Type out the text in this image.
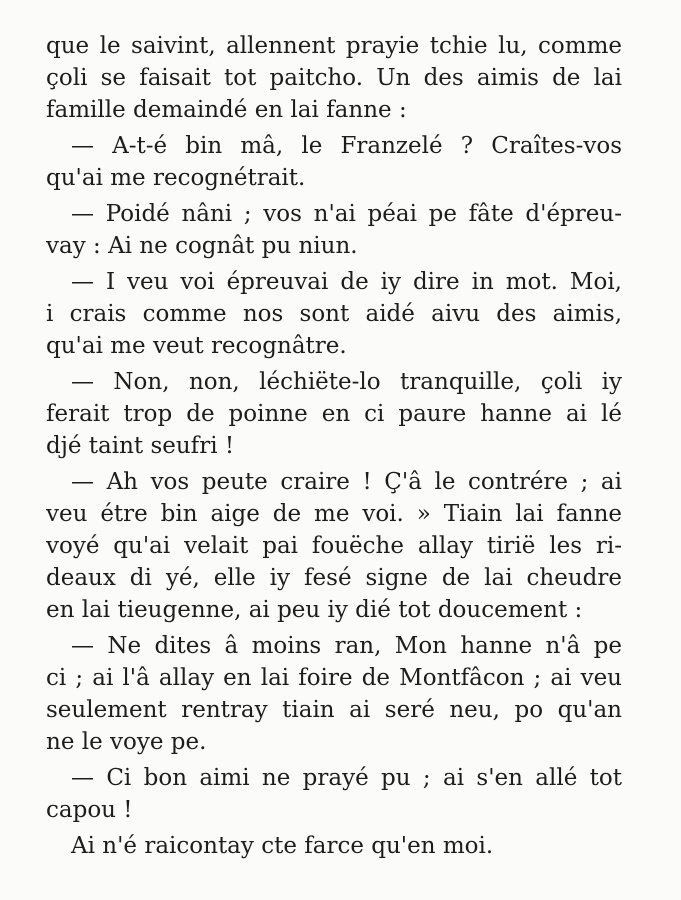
que le saivint, allennent prayie tchie lu, comme
çoli se faisait tot paitcho. Un des aimis de lai
famille demaindé en lai fanne :
— A-t-é bin mâ, le Franzelé ? Craîtes-vos
qu'ai me recognétrait.
— Poidé nâni ; vos n'ai péai pe fâte d'épreu-
vay : Ai ne cognât pu niun.
— I veu voi épreuvai de iy dire in mot. Moi,
i crais comme nos sont aidé aivu des aimis,
qu'ai me veut recognâtre.
— Non, non, léchiëte-lo tranquille, çoli iy
ferait trop de poinne en ci paure hanne ai lé
djé taint seufri !
— Ah vos peute craire ! Ç'â le contrére ; ai
veu étre bin aige de me voi. » Tiain lai fanne
voyé qu'ai velait pai fouëche allay tirië les ri-
deaux di yé, elle iy fesé signe de lai cheudre
en lai tieugenne, ai peu iy dié tot doucement :
— Ne dites â moins ran, Mon hanne n'â pe
ci ; ai l'â allay en lai foire de Montfâcon ; ai veu
seulement rentray tiain ai seré neu, po qu'an
ne le voye pe.
— Ci bon aimi ne prayé pu ; ai s'en allé tot
capou !
Ai n'é raicontay cte farce qu'en moi.
